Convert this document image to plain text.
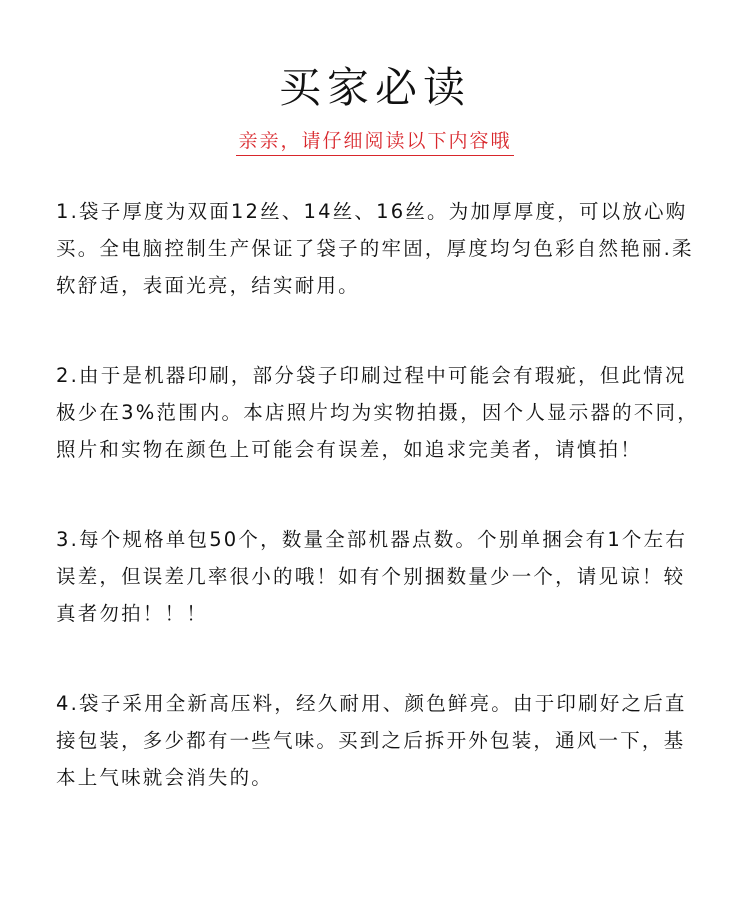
买家必读
亲亲，请仔细阅读以下内容哦

1.袋子厚度为双面12丝、14丝、16丝。为加厚厚度，可以放心购买。全电脑控制生产保证了袋子的牢固，厚度均匀色彩自然艳丽.柔软舒适，表面光亮，结实耐用。

2.由于是机器印刷，部分袋子印刷过程中可能会有瑕疵，但此情况极少在3%范围内。本店照片均为实物拍摄，因个人显示器的不同，照片和实物在颜色上可能会有误差，如追求完美者，请慎拍！

3.每个规格单包50个，数量全部机器点数。个别单捆会有1个左右误差，但误差几率很小的哦！如有个别捆数量少一个，请见谅！较真者勿拍！！！

4.袋子采用全新高压料，经久耐用、颜色鲜亮。由于印刷好之后直接包装，多少都有一些气味。买到之后拆开外包装，通风一下，基本上气味就会消失的。
